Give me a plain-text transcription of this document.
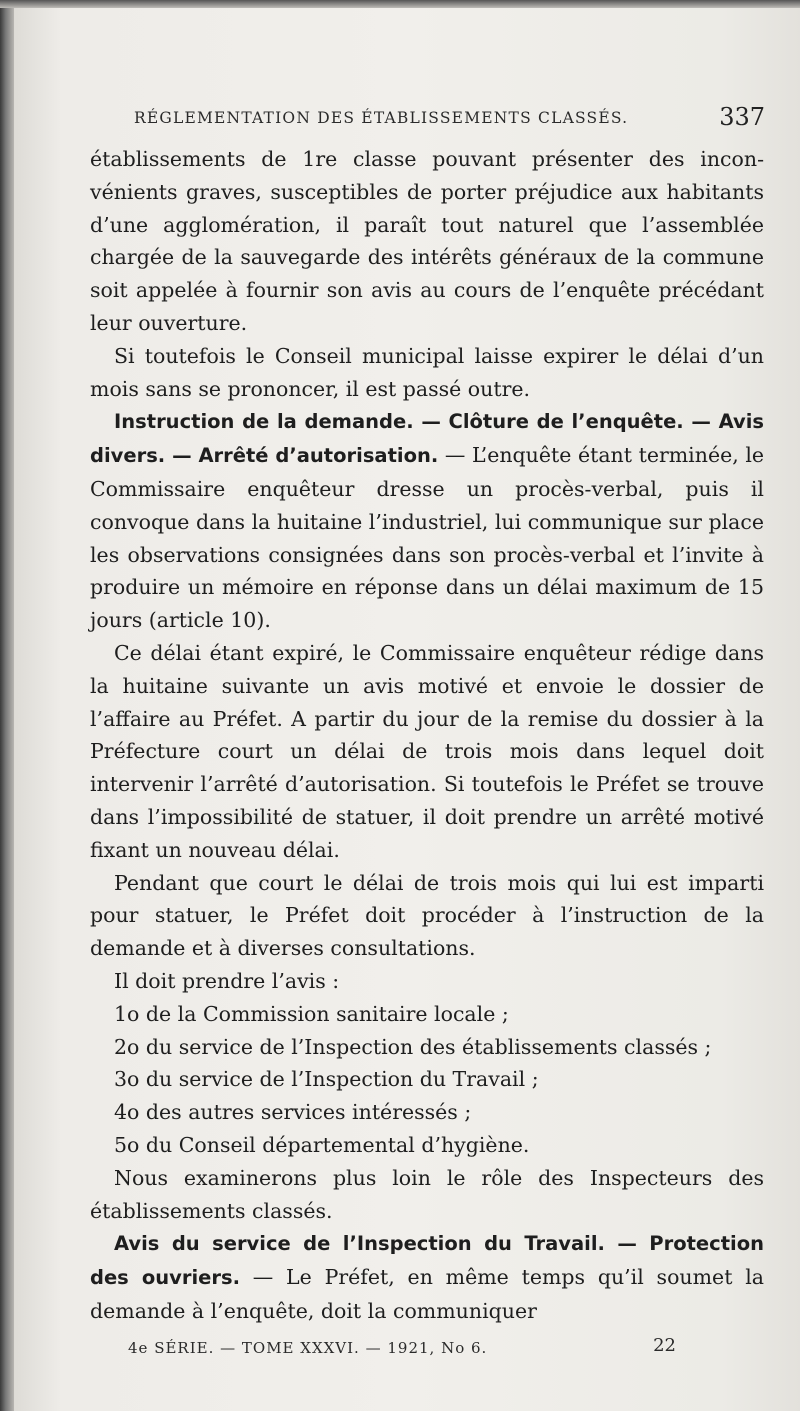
RÉGLEMENTATION DES ÉTABLISSEMENTS CLASSÉS.	337

établissements de 1re classe pouvant présenter des inconvénients graves, susceptibles de porter préjudice aux habitants d’une agglomération, il paraît tout naturel que l’assemblée chargée de la sauvegarde des intérêts généraux de la commune soit appelée à fournir son avis au cours de l’enquête précédant leur ouverture.

Si toutefois le Conseil municipal laisse expirer le délai d’un mois sans se prononcer, il est passé outre.

Instruction de la demande. — Clôture de l’enquête. — Avis divers. — Arrêté d’autorisation. — L’enquête étant terminée, le Commissaire enquêteur dresse un procès-verbal, puis il convoque dans la huitaine l’industriel, lui communique sur place les observations consignées dans son procès-verbal et l’invite à produire un mémoire en réponse dans un délai maximum de 15 jours (article 10).

Ce délai étant expiré, le Commissaire enquêteur rédige dans la huitaine suivante un avis motivé et envoie le dossier de l’affaire au Préfet. A partir du jour de la remise du dossier à la Préfecture court un délai de trois mois dans lequel doit intervenir l’arrêté d’autorisation. Si toutefois le Préfet se trouve dans l’impossibilité de statuer, il doit prendre un arrêté motivé fixant un nouveau délai.

Pendant que court le délai de trois mois qui lui est imparti pour statuer, le Préfet doit procéder à l’instruction de la demande et à diverses consultations.

Il doit prendre l’avis :

1o de la Commission sanitaire locale ;

2o du service de l’Inspection des établissements classés ;

3o du service de l’Inspection du Travail ;

4o des autres services intéressés ;

5o du Conseil départemental d’hygiène.

Nous examinerons plus loin le rôle des Inspecteurs des établissements classés.

Avis du service de l’Inspection du Travail. — Protection des ouvriers. — Le Préfet, en même temps qu’il soumet la demande à l’enquête, doit la communiquer

4e SÉRIE. — TOME XXXVI. — 1921, No 6.	22
